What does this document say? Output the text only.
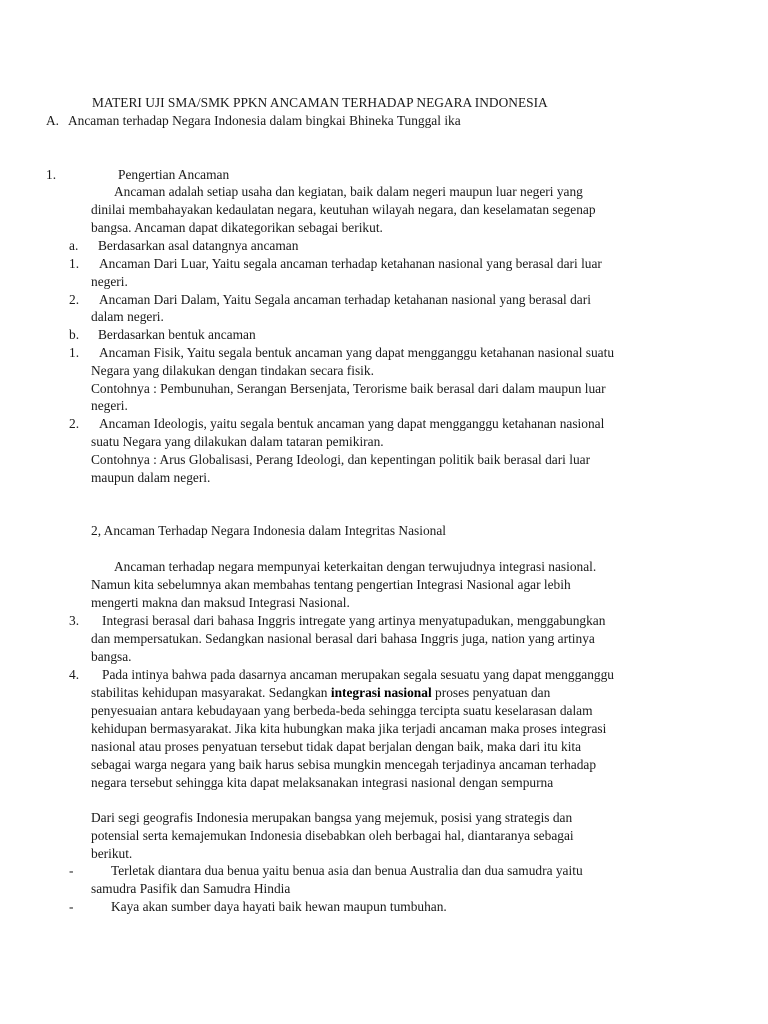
MATERI UJI SMA/SMK PPKN ANCAMAN TERHADAP NEGARA INDONESIA
A. Ancaman terhadap Negara Indonesia dalam bingkai Bhineka Tunggal ika
1.	Pengertian Ancaman
Ancaman adalah setiap usaha dan kegiatan, baik dalam negeri maupun luar negeri yang
dinilai membahayakan kedaulatan negara, keutuhan wilayah negara, dan keselamatan segenap
bangsa. Ancaman dapat dikategorikan sebagai berikut.
a. Berdasarkan asal datangnya ancaman
1. Ancaman Dari Luar, Yaitu segala ancaman terhadap ketahanan nasional yang berasal dari luar
negeri.
2. Ancaman Dari Dalam, Yaitu Segala ancaman terhadap ketahanan nasional yang berasal dari
dalam negeri.
b. Berdasarkan bentuk ancaman
1. Ancaman Fisik, Yaitu segala bentuk ancaman yang dapat mengganggu ketahanan nasional suatu
Negara yang dilakukan dengan tindakan secara fisik.
Contohnya : Pembunuhan, Serangan Bersenjata, Terorisme baik berasal dari dalam maupun luar
negeri.
2. Ancaman Ideologis, yaitu segala bentuk ancaman yang dapat mengganggu ketahanan nasional
suatu Negara yang dilakukan dalam tataran pemikiran.
Contohnya : Arus Globalisasi, Perang Ideologi, dan kepentingan politik baik berasal dari luar
maupun dalam negeri.
2, Ancaman Terhadap Negara Indonesia dalam Integritas Nasional
Ancaman terhadap negara mempunyai keterkaitan dengan terwujudnya integrasi nasional.
Namun kita sebelumnya akan membahas tentang pengertian Integrasi Nasional agar lebih
mengerti makna dan maksud Integrasi Nasional.
3. Integrasi berasal dari bahasa Inggris intregate yang artinya menyatupadukan, menggabungkan
dan mempersatukan. Sedangkan nasional berasal dari bahasa Inggris juga, nation yang artinya
bangsa.
4. Pada intinya bahwa pada dasarnya ancaman merupakan segala sesuatu yang dapat mengganggu
stabilitas kehidupan masyarakat. Sedangkan integrasi nasional proses penyatuan dan
penyesuaian antara kebudayaan yang berbeda-beda sehingga tercipta suatu keselarasan dalam
kehidupan bermasyarakat. Jika kita hubungkan maka jika terjadi ancaman maka proses integrasi
nasional atau proses penyatuan tersebut tidak dapat berjalan dengan baik, maka dari itu kita
sebagai warga negara yang baik harus sebisa mungkin mencegah terjadinya ancaman terhadap
negara tersebut sehingga kita dapat melaksanakan integrasi nasional dengan sempurna
Dari segi geografis Indonesia merupakan bangsa yang mejemuk, posisi yang strategis dan
potensial serta kemajemukan Indonesia disebabkan oleh berbagai hal, diantaranya sebagai
berikut.
-	Terletak diantara dua benua yaitu benua asia dan benua Australia dan dua samudra yaitu
samudra Pasifik dan Samudra Hindia
-	Kaya akan sumber daya hayati baik hewan maupun tumbuhan.
